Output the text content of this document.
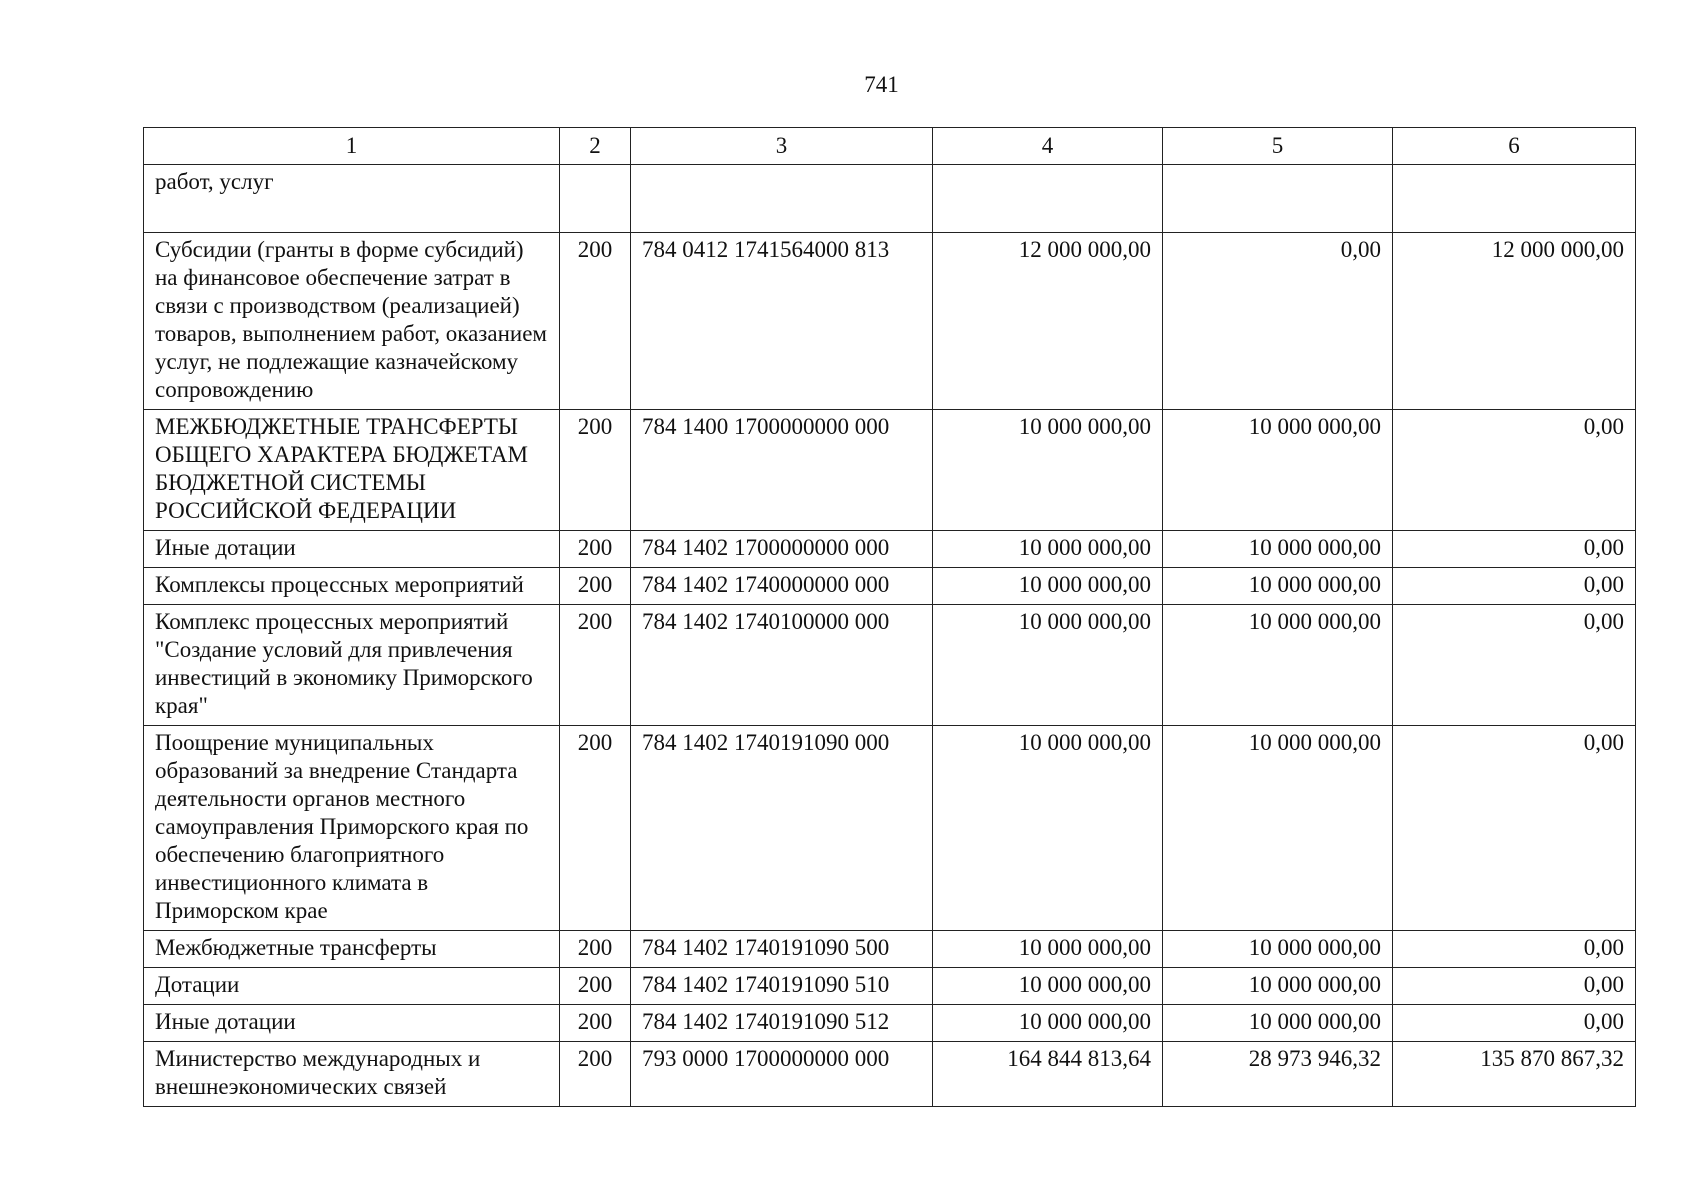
741
1	2	3	4	5	6
работ, услуг					
Субсидии (гранты в форме субсидий) на финансовое обеспечение затрат в связи с производством (реализацией) товаров, выполнением работ, оказанием услуг, не подлежащие казначейскому сопровождению	200	784 0412 1741564000 813	12 000 000,00	0,00	12 000 000,00
МЕЖБЮДЖЕТНЫЕ ТРАНСФЕРТЫ ОБЩЕГО ХАРАКТЕРА БЮДЖЕТАМ БЮДЖЕТНОЙ СИСТЕМЫ РОССИЙСКОЙ ФЕДЕРАЦИИ	200	784 1400 1700000000 000	10 000 000,00	10 000 000,00	0,00
Иные дотации	200	784 1402 1700000000 000	10 000 000,00	10 000 000,00	0,00
Комплексы процессных мероприятий	200	784 1402 1740000000 000	10 000 000,00	10 000 000,00	0,00
Комплекс процессных мероприятий "Создание условий для привлечения инвестиций в экономику Приморского края"	200	784 1402 1740100000 000	10 000 000,00	10 000 000,00	0,00
Поощрение муниципальных образований за внедрение Стандарта деятельности органов местного самоуправления Приморского края по обеспечению благоприятного инвестиционного климата в Приморском крае	200	784 1402 1740191090 000	10 000 000,00	10 000 000,00	0,00
Межбюджетные трансферты	200	784 1402 1740191090 500	10 000 000,00	10 000 000,00	0,00
Дотации	200	784 1402 1740191090 510	10 000 000,00	10 000 000,00	0,00
Иные дотации	200	784 1402 1740191090 512	10 000 000,00	10 000 000,00	0,00
Министерство международных и внешнеэкономических связей	200	793 0000 1700000000 000	164 844 813,64	28 973 946,32	135 870 867,32
